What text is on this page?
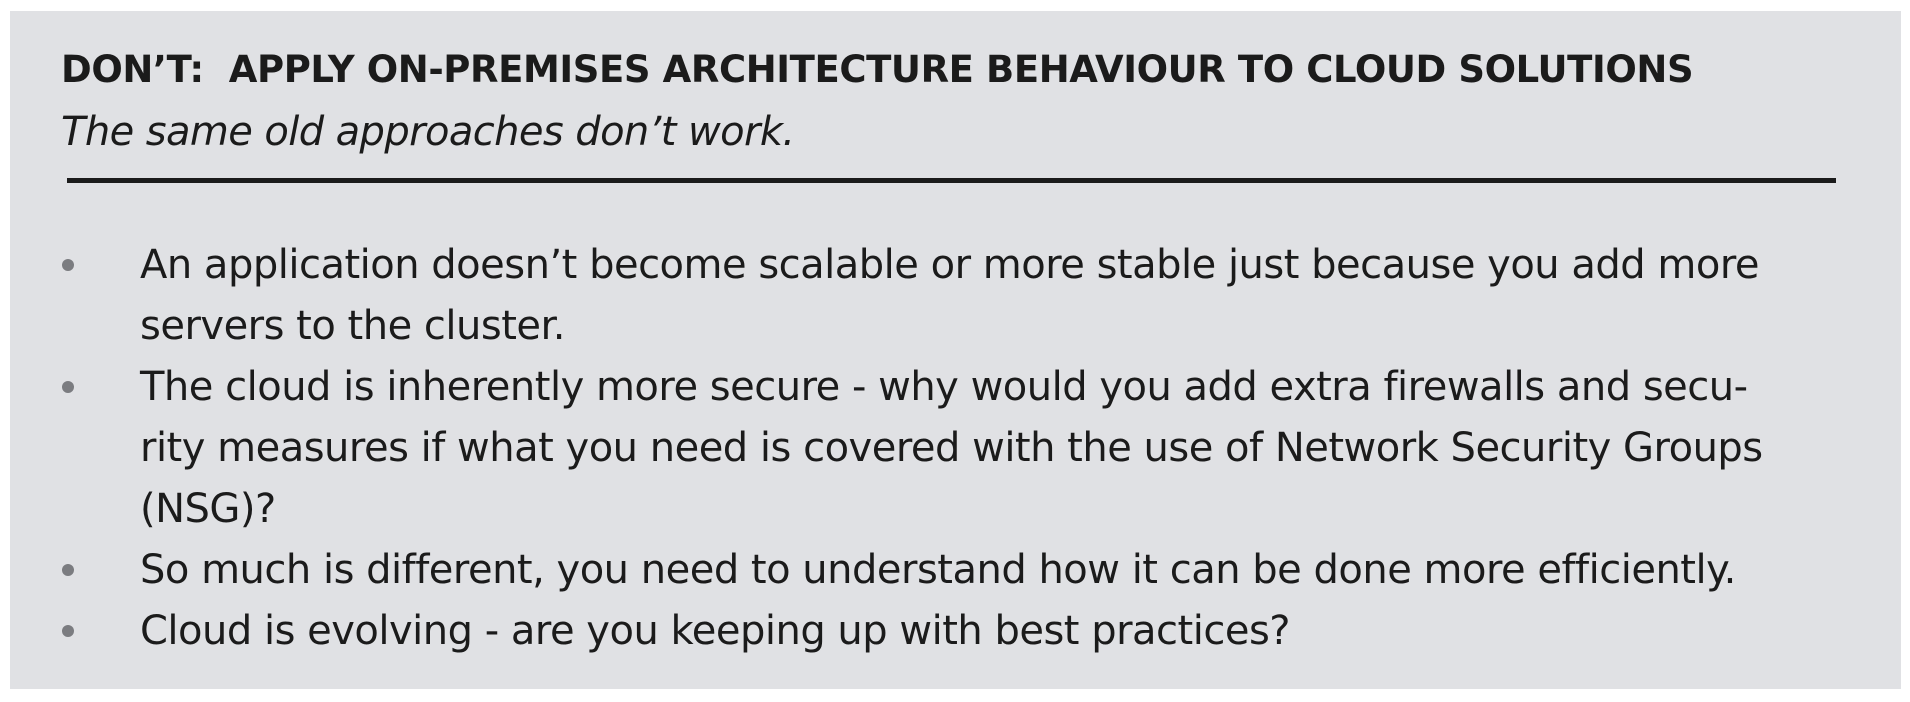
DON’T:  APPLY ON-PREMISES ARCHITECTURE BEHAVIOUR TO CLOUD SOLUTIONS

The same old approaches don’t work.

An application doesn’t become scalable or more stable just because you add more
servers to the cluster.
The cloud is inherently more secure - why would you add extra firewalls and secu-
rity measures if what you need is covered with the use of Network Security Groups
(NSG)?
So much is different, you need to understand how it can be done more efficiently.
Cloud is evolving - are you keeping up with best practices?
